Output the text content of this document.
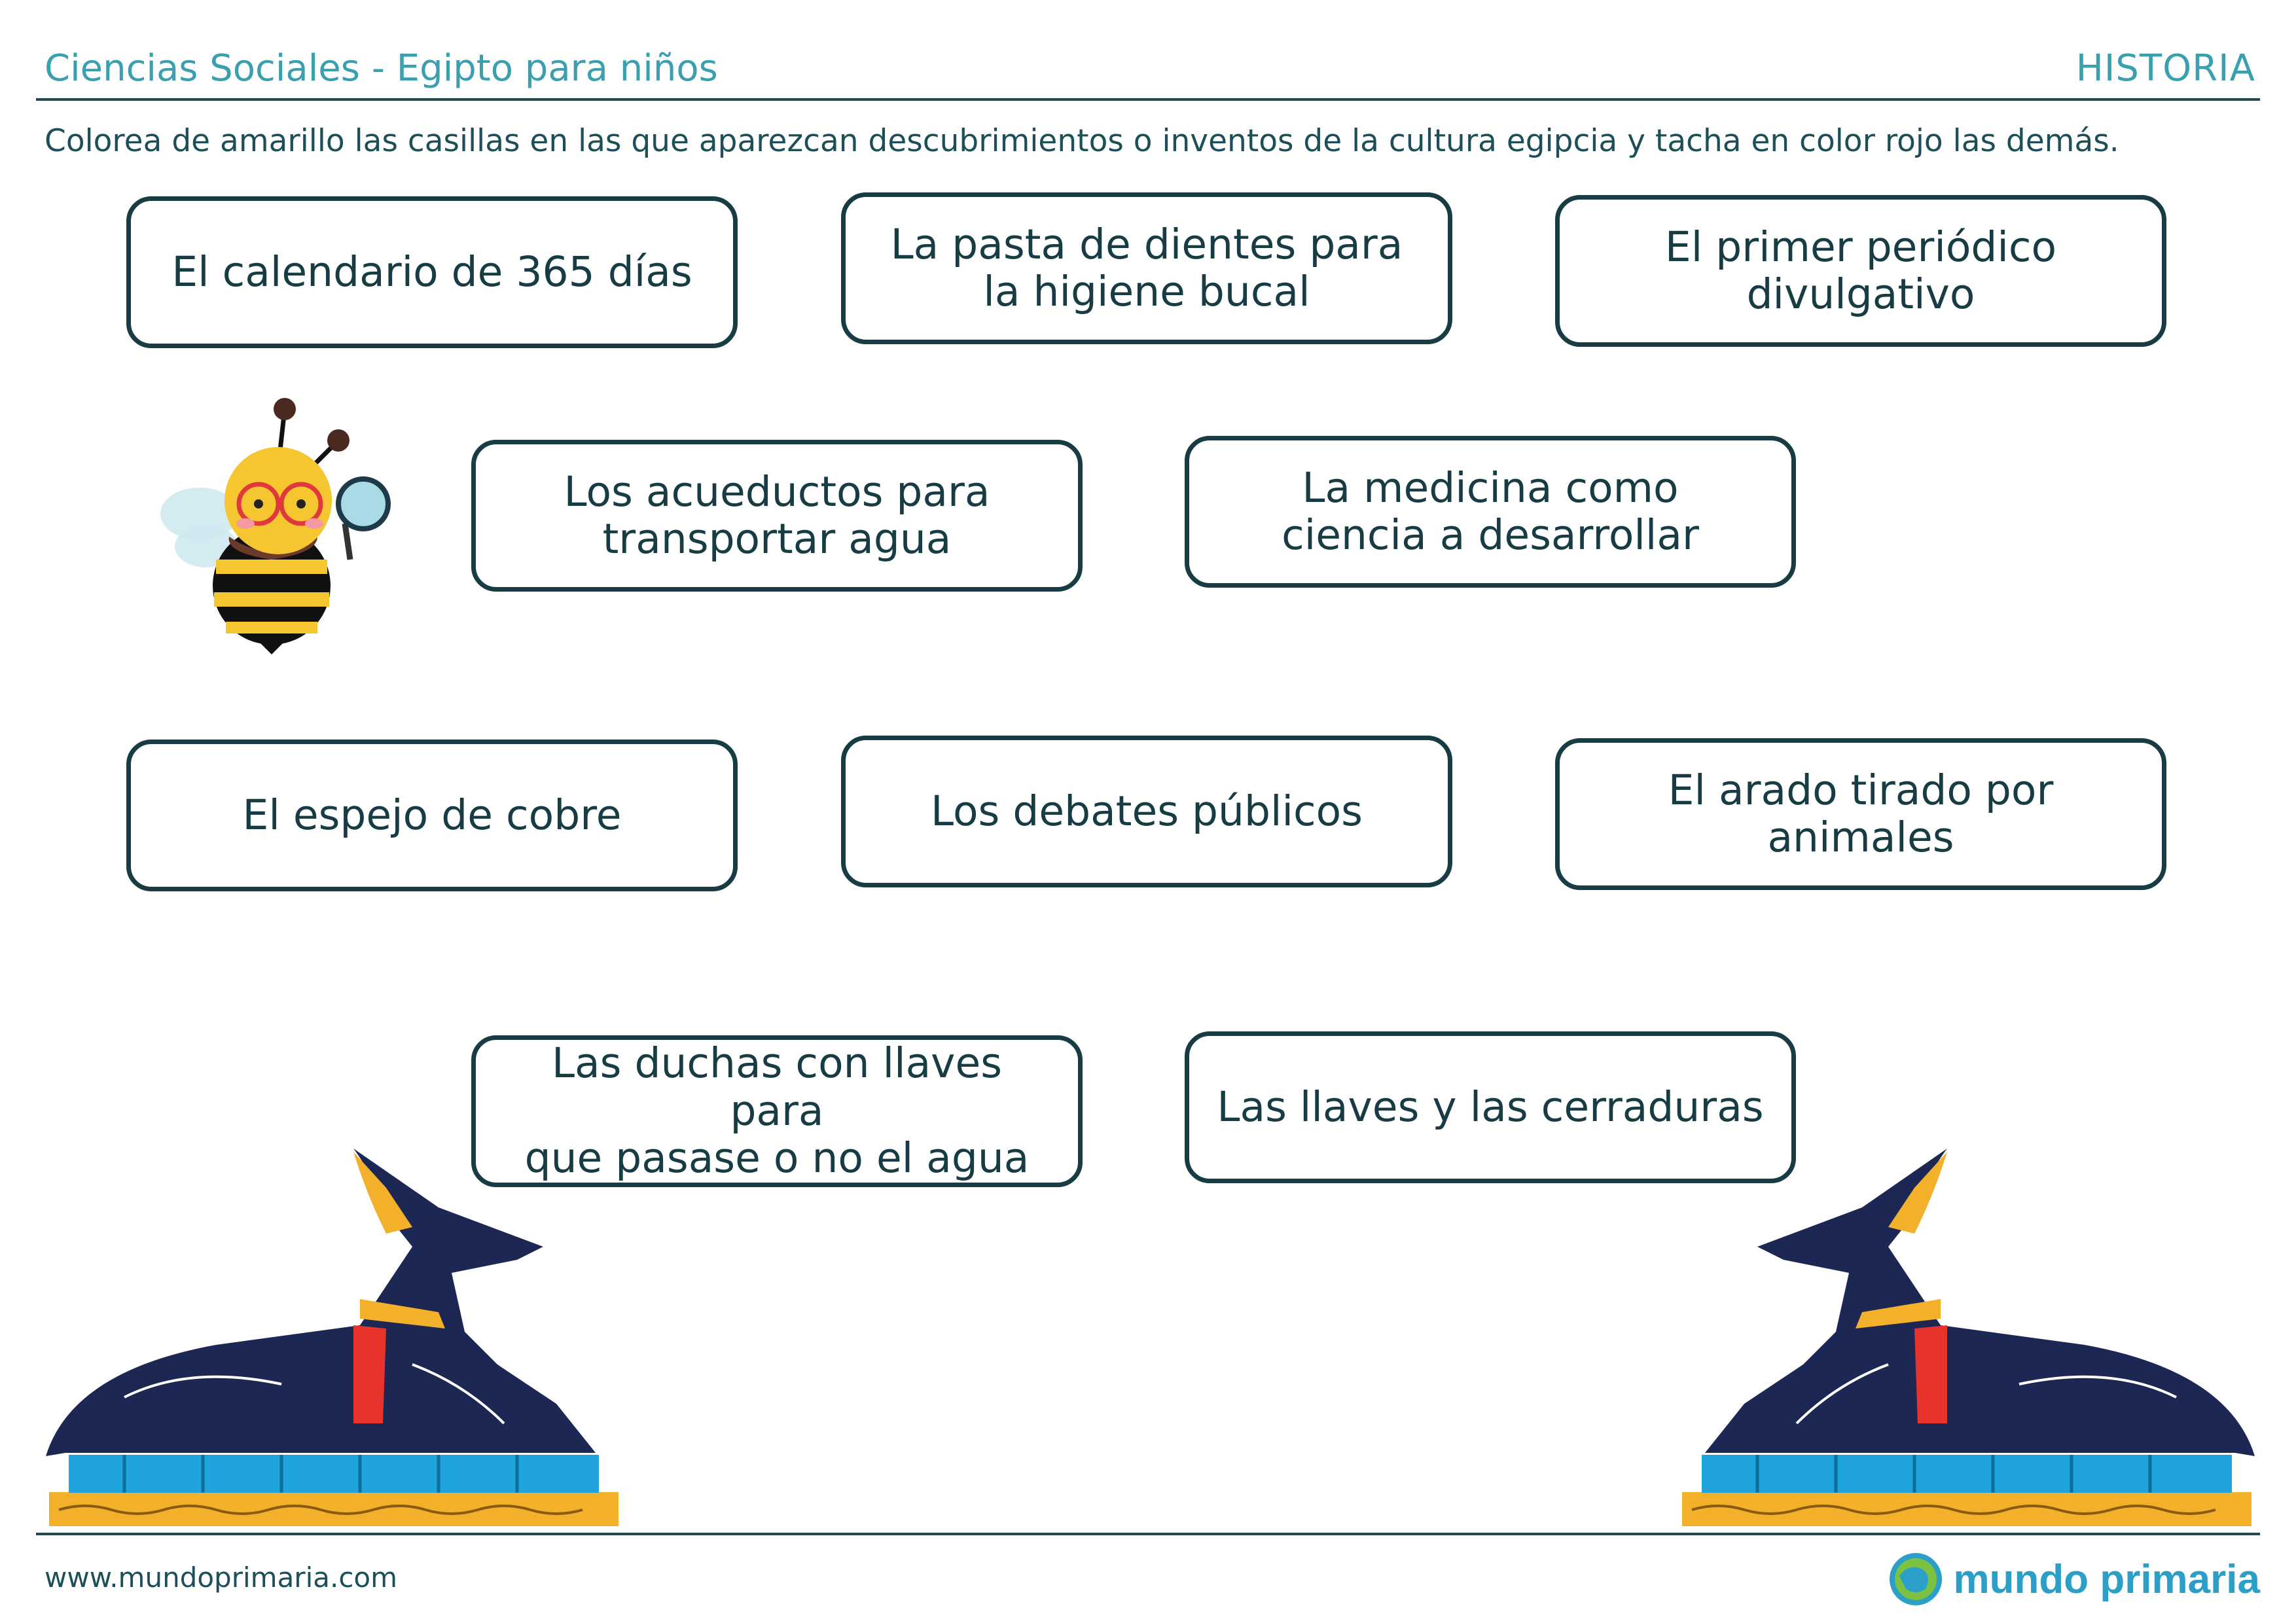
Ciencias Sociales - Egipto para niños	HISTORIA
Colorea de amarillo las casillas en las que aparezcan descubrimientos o inventos de la cultura egipcia y tacha en color rojo las demás.
El calendario de 365 días
La pasta de dientes para
la higiene bucal
El primer periódico
divulgativo
Los acueductos para
transportar agua
La medicina como
ciencia a desarrollar
El espejo de cobre	Los debates públicos	El arado tirado por animales
Las duchas con llaves para
que pasase o no el agua
Las llaves y las cerraduras
www.mundoprimaria.com	mundo primaria
